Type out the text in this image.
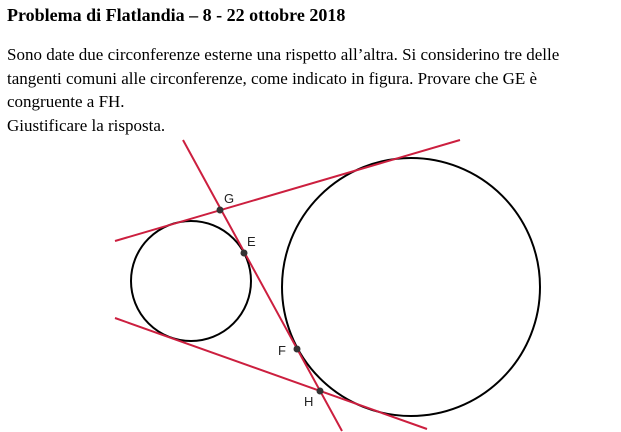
Problema di Flatlandia – 8 - 22 ottobre 2018

Sono date due circonferenze esterne una rispetto all’altra. Si considerino tre delle tangenti comuni alle circonferenze, come indicato in figura. Provare che GE è congruente a FH.

Giustificare la risposta.

G
E
F
H
